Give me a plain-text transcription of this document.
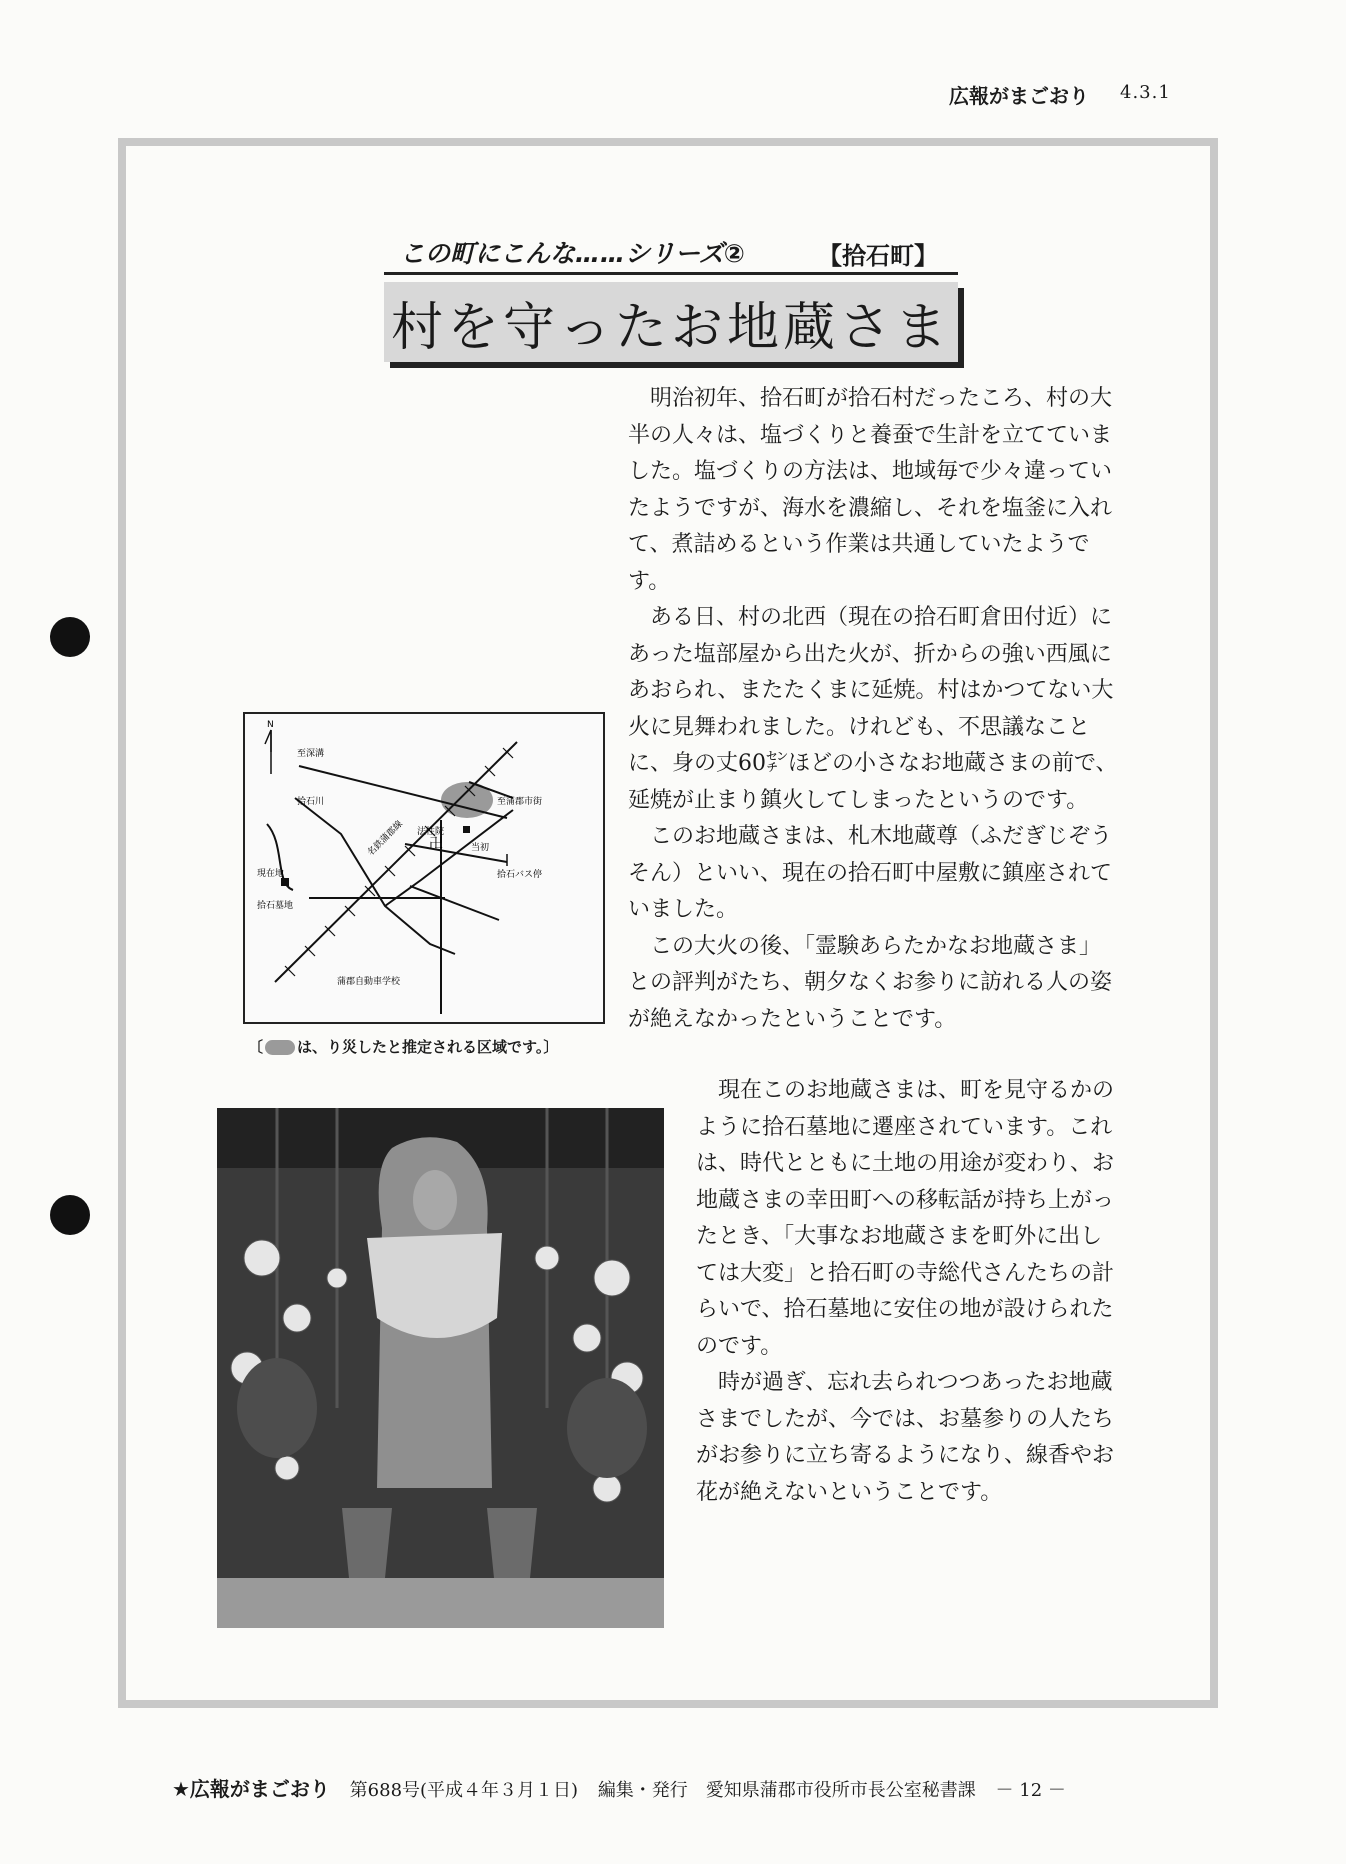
広報がまごおり 4.3.1
この町にこんな……シリーズ②	【拾石町】
村を守ったお地蔵さま

明治初年、拾石町が拾石村だったころ、村の大半の人々は、塩づくりと養蚕で生計を立てていました。塩づくりの方法は、地域毎で少々違っていたようですが、海水を濃縮し、それを塩釜に入れて、煮詰めるという作業は共通していたようです。

ある日、村の北西（現在の拾石町倉田付近）にあった塩部屋から出た火が、折からの強い西風にあおられ、またたくまに延焼。村はかつてない大火に見舞われました。けれども、不思議なことに、身の丈60㌢ほどの小さなお地蔵さまの前で、延焼が止まり鎮火してしまったというのです。

このお地蔵さまは、札木地蔵尊（ふだぎじぞうそん）といい、現在の拾石町中屋敷に鎮座されていました。

この大火の後、「霊験あらたかなお地蔵さま」との評判がたち、朝夕なくお参りに訪れる人の姿が絶えなかったということです。

N
卍
至深溝
拾石川
名鉄蒲郡線
至蒲郡市街
法性院
当初
拾石バス停
現在地
拾石墓地
蒲郡自動車学校
〔 は、り災したと推定される区域です。〕

現在このお地蔵さまは、町を見守るかのように拾石墓地に遷座されています。これは、時代とともに土地の用途が変わり、お地蔵さまの幸田町への移転話が持ち上がったとき、「大事なお地蔵さまを町外に出しては大変」と拾石町の寺総代さんたちの計らいで、拾石墓地に安住の地が設けられたのです。

時が過ぎ、忘れ去られつつあったお地蔵さまでしたが、今では、お墓参りの人たちがお参りに立ち寄るようになり、線香やお花が絶えないということです。

★広報がまごおり 第688号(平成４年３月１日) 編集・発行　愛知県蒲郡市役所市長公室秘書課 － 12 －
